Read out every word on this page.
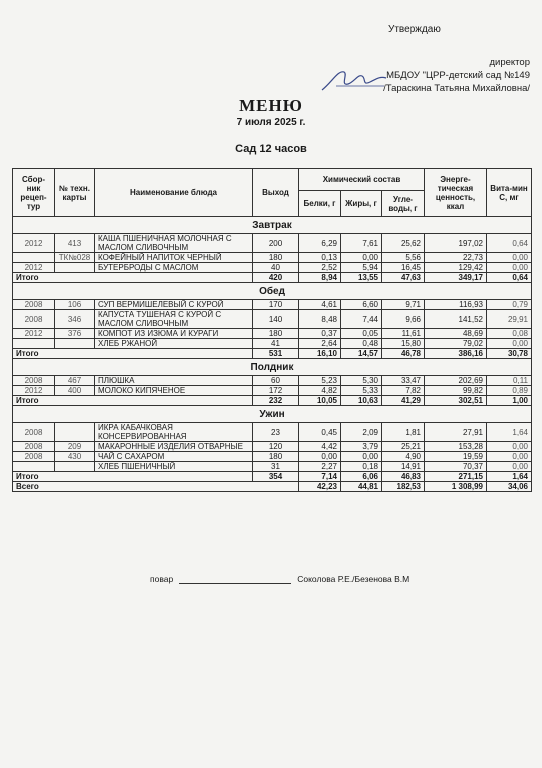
Утверждаю
директор
МБДОУ "ЦРР-детский сад №149
/Тараскина Татьяна Михайловна/
МЕНЮ
7 июля 2025 г.
Сад 12 часов
Сбор-ник рецеп-тур	№ техн. карты	Наименование блюда	Выход	Химический состав			Энерге-тическая ценность, ккал	Вита-мин С, мг
				Белки, г	Жиры, г	Угле-воды, г		
Завтрак								
2012	413	КАША ПШЕНИЧНАЯ МОЛОЧНАЯ С МАСЛОМ СЛИВОЧНЫМ	200	6,29	7,61	25,62	197,02	0,64
	ТК№028	КОФЕЙНЫЙ НАПИТОК ЧЕРНЫЙ	180	0,13	0,00	5,56	22,73	0,00
2012		БУТЕРБРОДЫ С МАСЛОМ	40	2,52	5,94	16,45	129,42	0,00
Итого			420	8,94	13,55	47,63	349,17	0,64
Обед								
2008	106	СУП ВЕРМИШЕЛЕВЫЙ С КУРОЙ	170	4,61	6,60	9,71	116,93	0,79
2008	346	КАПУСТА ТУШЕНАЯ С КУРОЙ С МАСЛОМ СЛИВОЧНЫМ	140	8,48	7,44	9,66	141,52	29,91
2012	376	КОМПОТ ИЗ ИЗЮМА И КУРАГИ	180	0,37	0,05	11,61	48,69	0,08
		ХЛЕБ РЖАНОЙ	41	2,64	0,48	15,80	79,02	0,00
Итого			531	16,10	14,57	46,78	386,16	30,78
Полдник								
2008	467	ПЛЮШКА	60	5,23	5,30	33,47	202,69	0,11
2012	400	МОЛОКО КИПЯЧЕНОЕ	172	4,82	5,33	7,82	99,82	0,89
Итого			232	10,05	10,63	41,29	302,51	1,00
Ужин								
2008		ИКРА КАБАЧКОВАЯ КОНСЕРВИРОВАННАЯ	23	0,45	2,09	1,81	27,91	1,64
2008	209	МАКАРОННЫЕ ИЗДЕЛИЯ ОТВАРНЫЕ	120	4,42	3,79	25,21	153,28	0,00
2008	430	ЧАЙ С САХАРОМ	180	0,00	0,00	4,90	19,59	0,00
		ХЛЕБ ПШЕНИЧНЫЙ	31	2,27	0,18	14,91	70,37	0,00
Итого			354	7,14	6,06	46,83	271,15	1,64
Всего				42,23	44,81	182,53	1 308,99	34,06
повар	Соколова Р.Е./Безенова В.М
